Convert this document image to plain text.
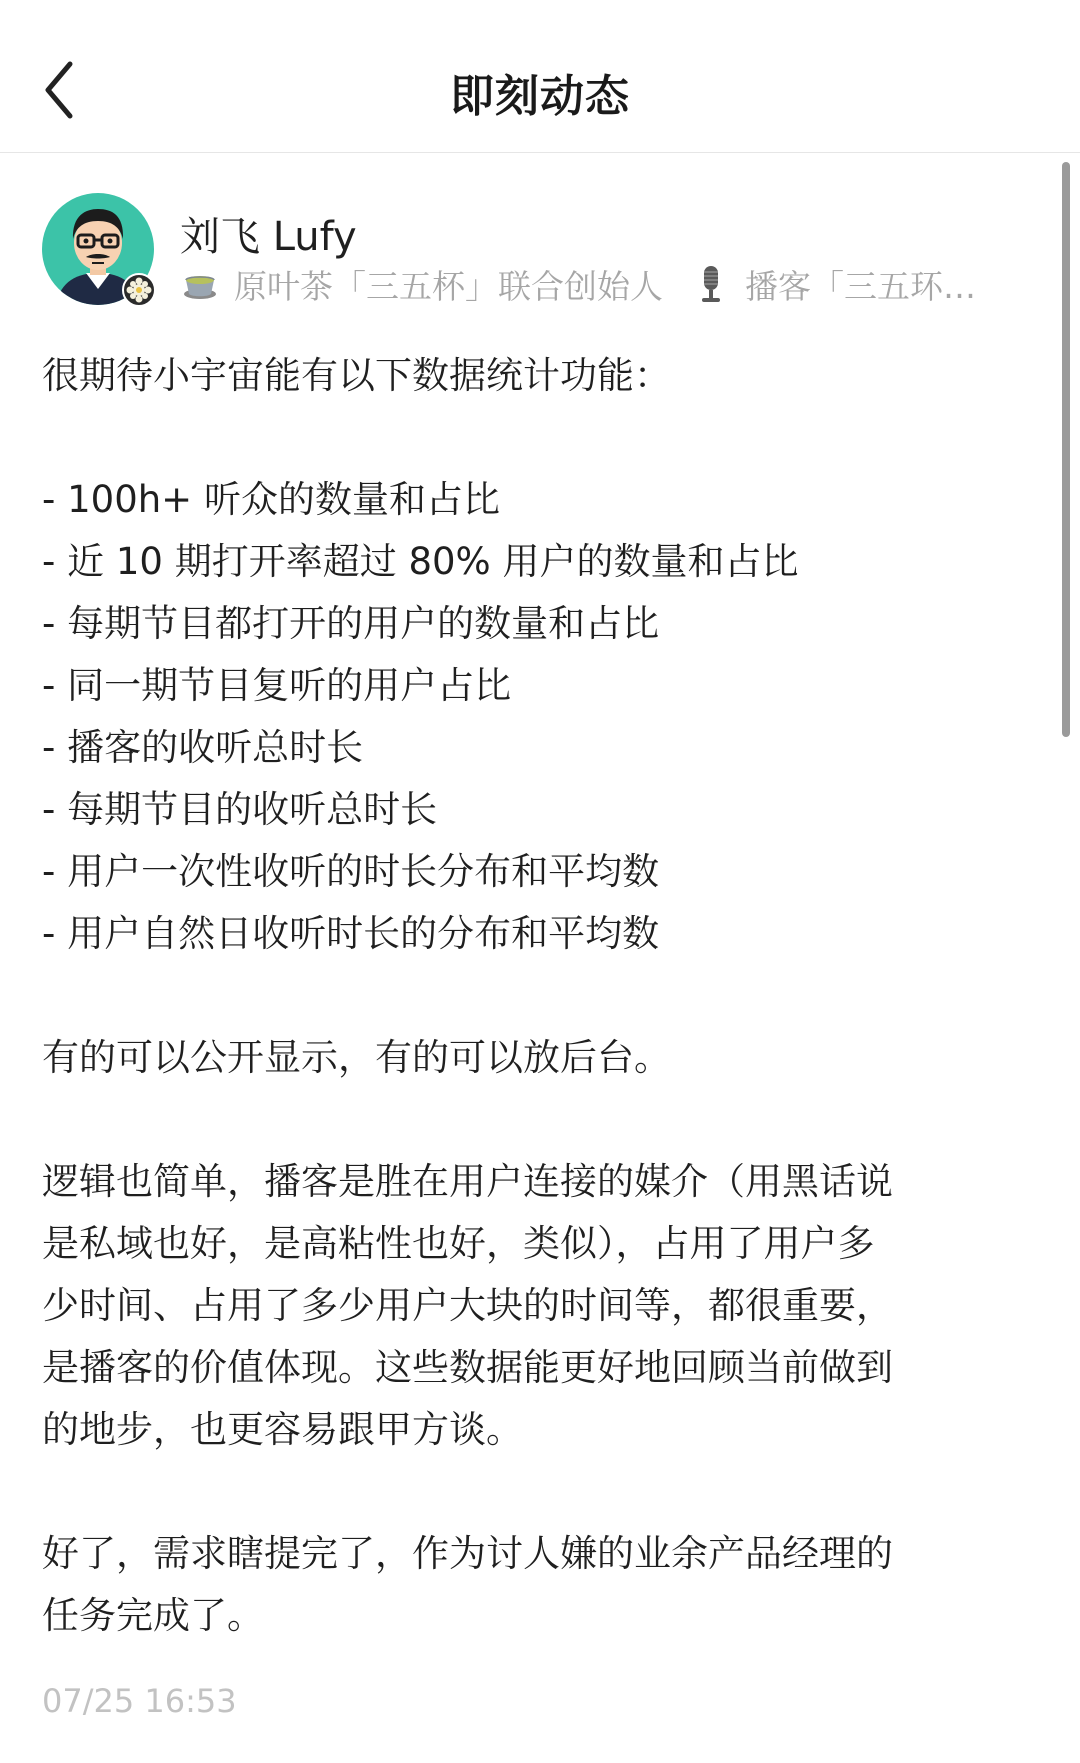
即刻动态
刘飞 Lufy
原叶茶「三五杯」联合创始人 播客「三五环…
很期待小宇宙能有以下数据统计功能：
- 100h+ 听众的数量和占比
- 近 10 期打开率超过 80% 用户的数量和占比
- 每期节目都打开的用户的数量和占比
- 同一期节目复听的用户占比
- 播客的收听总时长
- 每期节目的收听总时长
- 用户一次性收听的时长分布和平均数
- 用户自然日收听时长的分布和平均数
有的可以公开显示，有的可以放后台。
逻辑也简单，播客是胜在用户连接的媒介（用黑话说
是私域也好，是高粘性也好，类似），占用了用户多
少时间、占用了多少用户大块的时间等，都很重要，
是播客的价值体现。这些数据能更好地回顾当前做到
的地步，也更容易跟甲方谈。
好了，需求瞎提完了，作为讨人嫌的业余产品经理的
任务完成了。
07/25 16:53
